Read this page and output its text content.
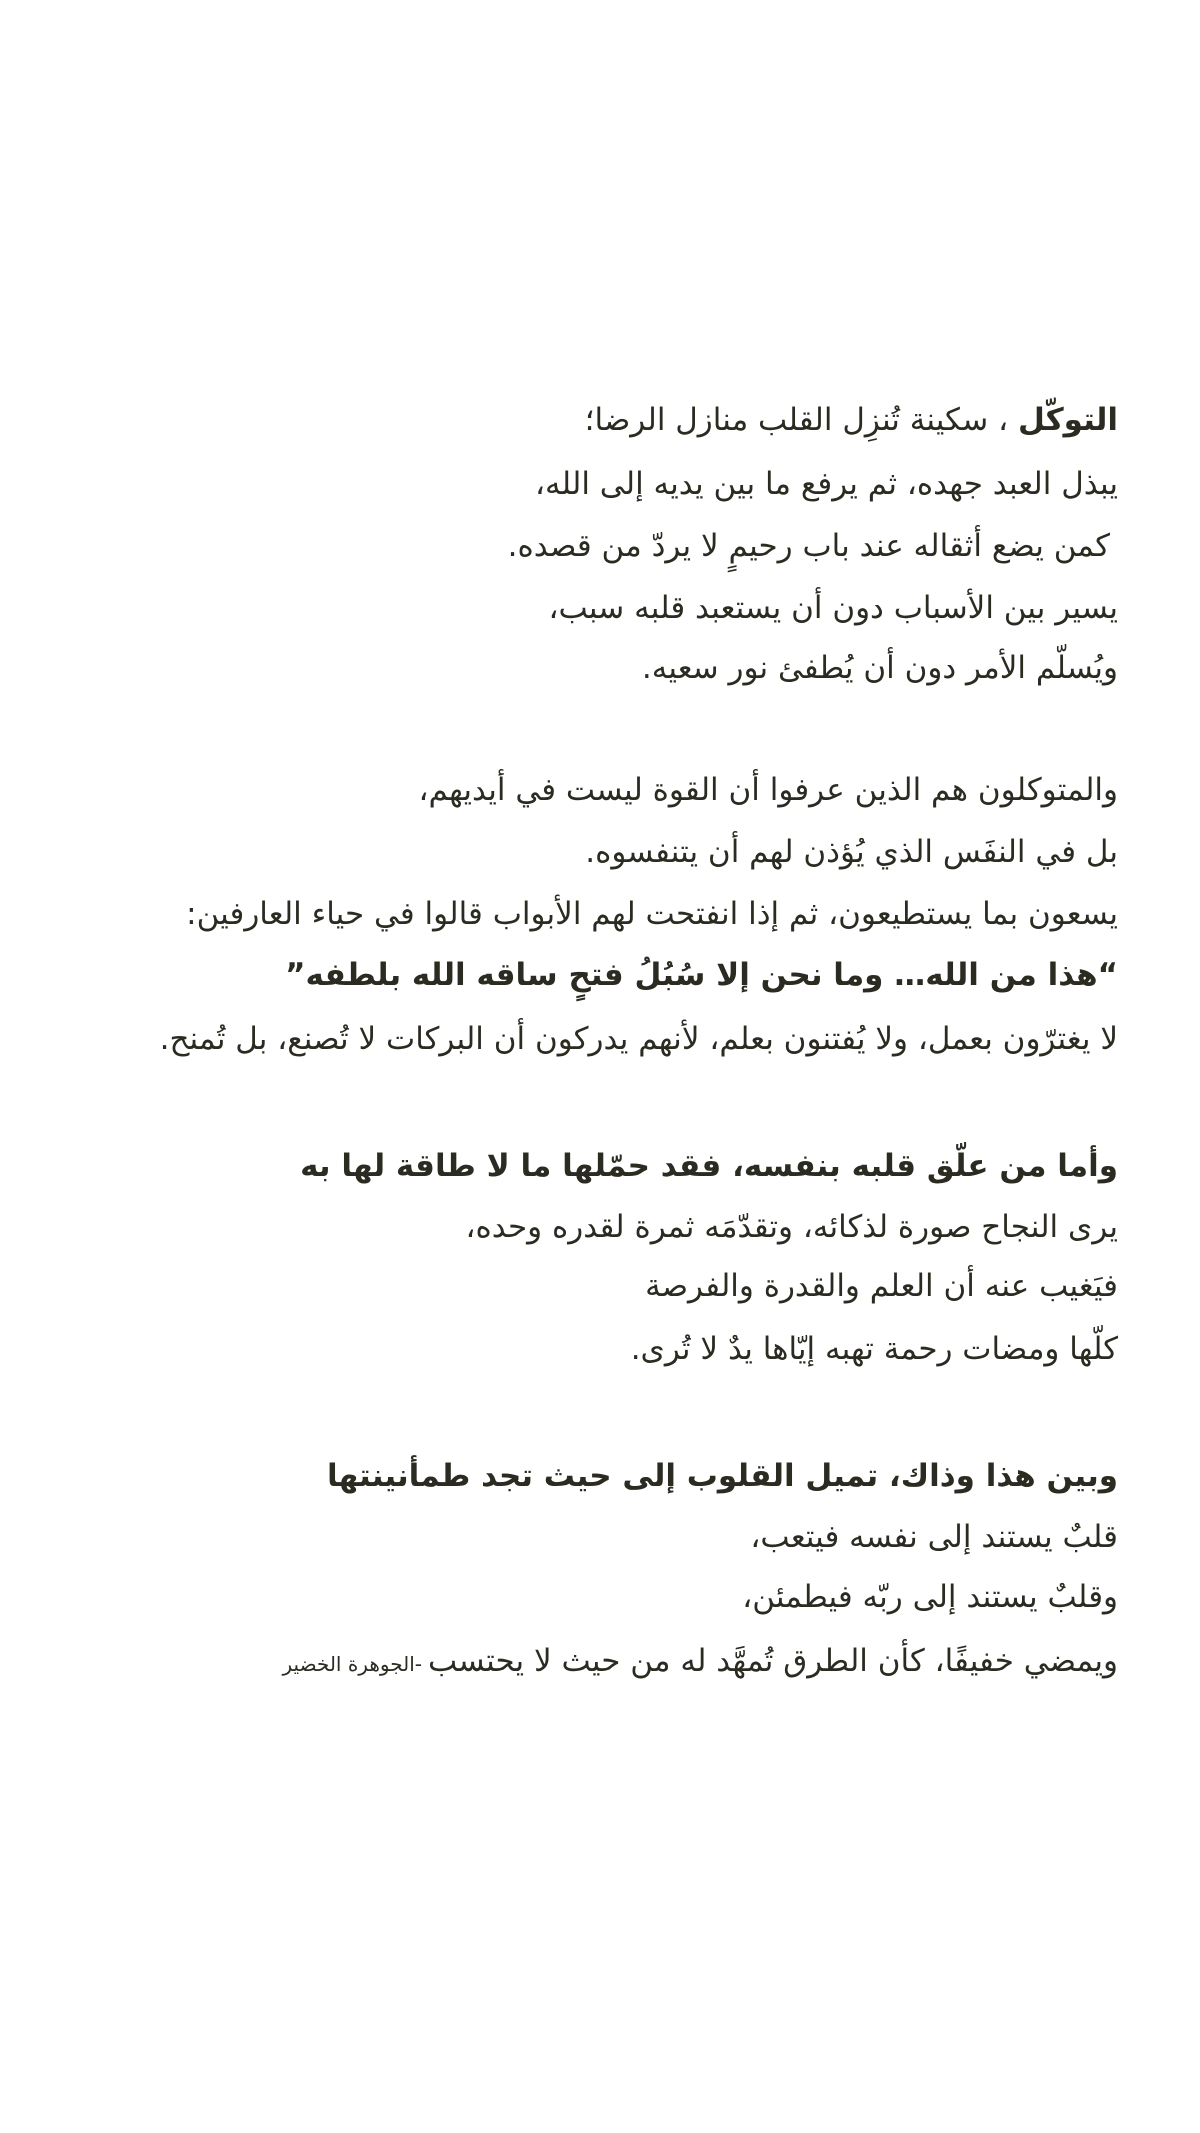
التوكّل ، سكينة تُنزِل القلب منازل الرضا؛
يبذل العبد جهده، ثم يرفع ما بين يديه إلى الله،
كمن يضع أثقاله عند باب رحيمٍ لا يردّ من قصده.
يسير بين الأسباب دون أن يستعبد قلبه سبب،
ويُسلّم الأمر دون أن يُطفئ نور سعيه.
والمتوكلون هم الذين عرفوا أن القوة ليست في أيديهم،
بل في النفَس الذي يُؤذن لهم أن يتنفسوه.
يسعون بما يستطيعون، ثم إذا انفتحت لهم الأبواب قالوا في حياء العارفين:
“هذا من الله… وما نحن إلا سُبُلُ فتحٍ ساقه الله بلطفه”
لا يغترّون بعمل، ولا يُفتنون بعلم، لأنهم يدركون أن البركات لا تُصنع، بل تُمنح.
وأما من علّق قلبه بنفسه، فقد حمّلها ما لا طاقة لها به
يرى النجاح صورة لذكائه، وتقدّمَه ثمرة لقدره وحده،
فيَغيب عنه أن العلم والقدرة والفرصة
كلّها ومضات رحمة تهبه إيّاها يدٌ لا تُرى.
وبين هذا وذاك، تميل القلوب إلى حيث تجد طمأنينتها
قلبٌ يستند إلى نفسه فيتعب،
وقلبٌ يستند إلى ربّه فيطمئن،
ويمضي خفيفًا، كأن الطرق تُمهَّد له من حيث لا يحتسب-الجوهرة الخضير
